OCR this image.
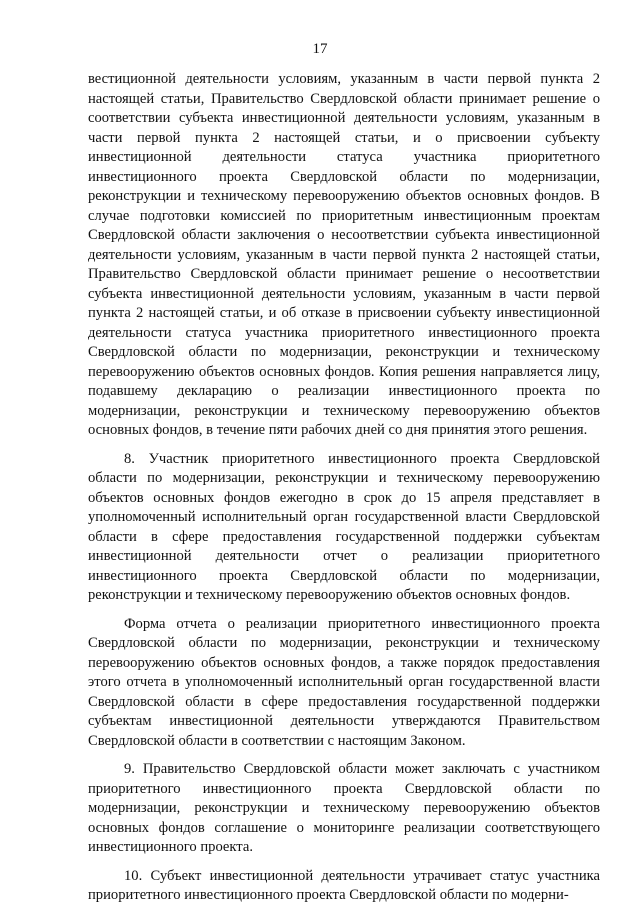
17

вестиционной деятельности условиям, указанным в части первой пункта 2 настоящей статьи, Правительство Свердловской области принимает решение о соответствии субъекта инвестиционной деятельности условиям, указанным в части первой пункта 2 настоящей статьи, и о присвоении субъекту инвестиционной деятельности статуса участника приоритетного инвестиционного проекта Свердловской области по модернизации, реконструкции и техническому перевооружению объектов основных фондов. В случае подготовки комиссией по приоритетным инвестиционным проектам Свердловской области заключения о несоответствии субъекта инвестиционной деятельности условиям, указанным в части первой пункта 2 настоящей статьи, Правительство Свердловской области принимает решение о несоответствии субъекта инвестиционной деятельности условиям, указанным в части первой пункта 2 настоящей статьи, и об отказе в присвоении субъекту инвестиционной деятельности статуса участника приоритетного инвестиционного проекта Свердловской области по модернизации, реконструкции и техническому перевооружению объектов основных фондов. Копия решения направляется лицу, подавшему декларацию о реализации инвестиционного проекта по модернизации, реконструкции и техническому перевооружению объектов основных фондов, в течение пяти рабочих дней со дня принятия этого решения.

8. Участник приоритетного инвестиционного проекта Свердловской области по модернизации, реконструкции и техническому перевооружению объектов основных фондов ежегодно в срок до 15 апреля представляет в уполномоченный исполнительный орган государственной власти Свердловской области в сфере предоставления государственной поддержки субъектам инвестиционной деятельности отчет о реализации приоритетного инвестиционного проекта Свердловской области по модернизации, реконструкции и техническому перевооружению объектов основных фондов.

Форма отчета о реализации приоритетного инвестиционного проекта Свердловской области по модернизации, реконструкции и техническому перевооружению объектов основных фондов, а также порядок предоставления этого отчета в уполномоченный исполнительный орган государственной власти Свердловской области в сфере предоставления государственной поддержки субъектам инвестиционной деятельности утверждаются Правительством Свердловской области в соответствии с настоящим Законом.

9. Правительство Свердловской области может заключать с участником приоритетного инвестиционного проекта Свердловской области по модернизации, реконструкции и техническому перевооружению объектов основных фондов соглашение о мониторинге реализации соответствующего инвестиционного проекта.

10. Субъект инвестиционной деятельности утрачивает статус участника приоритетного инвестиционного проекта Свердловской области по модерни-
